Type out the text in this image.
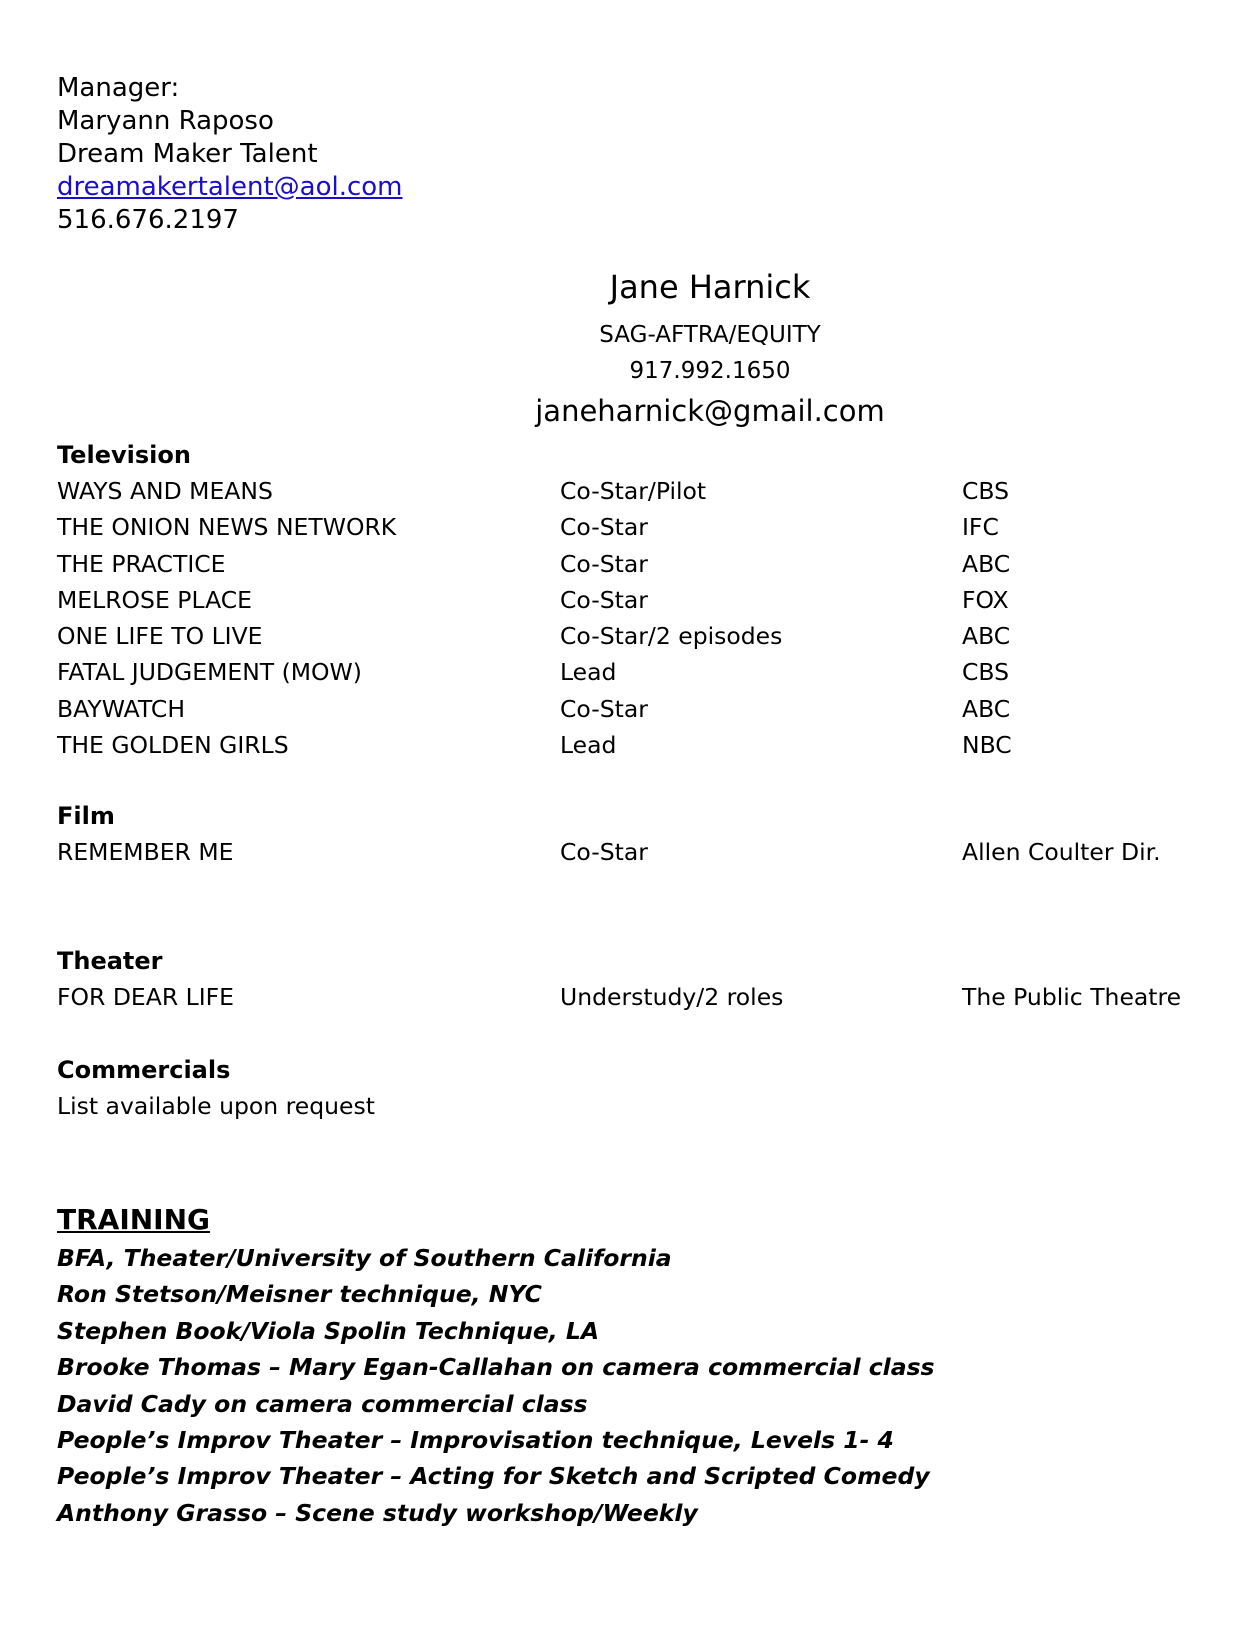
Manager:
Maryann Raposo
Dream Maker Talent
dreamakertalent@aol.com
516.676.2197
Jane Harnick
SAG-AFTRA/EQUITY
917.992.1650
janeharnick@gmail.com
Television
WAYS AND MEANS	Co-Star/Pilot	CBS
THE ONION NEWS NETWORK	Co-Star	IFC
THE PRACTICE	Co-Star	ABC
MELROSE PLACE	Co-Star	FOX
ONE LIFE TO LIVE	Co-Star/2 episodes	ABC
FATAL JUDGEMENT (MOW)	Lead	CBS
BAYWATCH	Co-Star	ABC
THE GOLDEN GIRLS	Lead	NBC
Film
REMEMBER ME	Co-Star	Allen Coulter Dir.
Theater
FOR DEAR LIFE	Understudy/2 roles	The Public Theatre
Commercials
List available upon request
TRAINING
BFA, Theater/University of Southern California
Ron Stetson/Meisner technique, NYC
Stephen Book/Viola Spolin Technique, LA
Brooke Thomas – Mary Egan-Callahan on camera commercial class
David Cady on camera commercial class
People’s Improv Theater – Improvisation technique, Levels 1- 4
People’s Improv Theater – Acting for Sketch and Scripted Comedy
Anthony Grasso – Scene study workshop/Weekly
